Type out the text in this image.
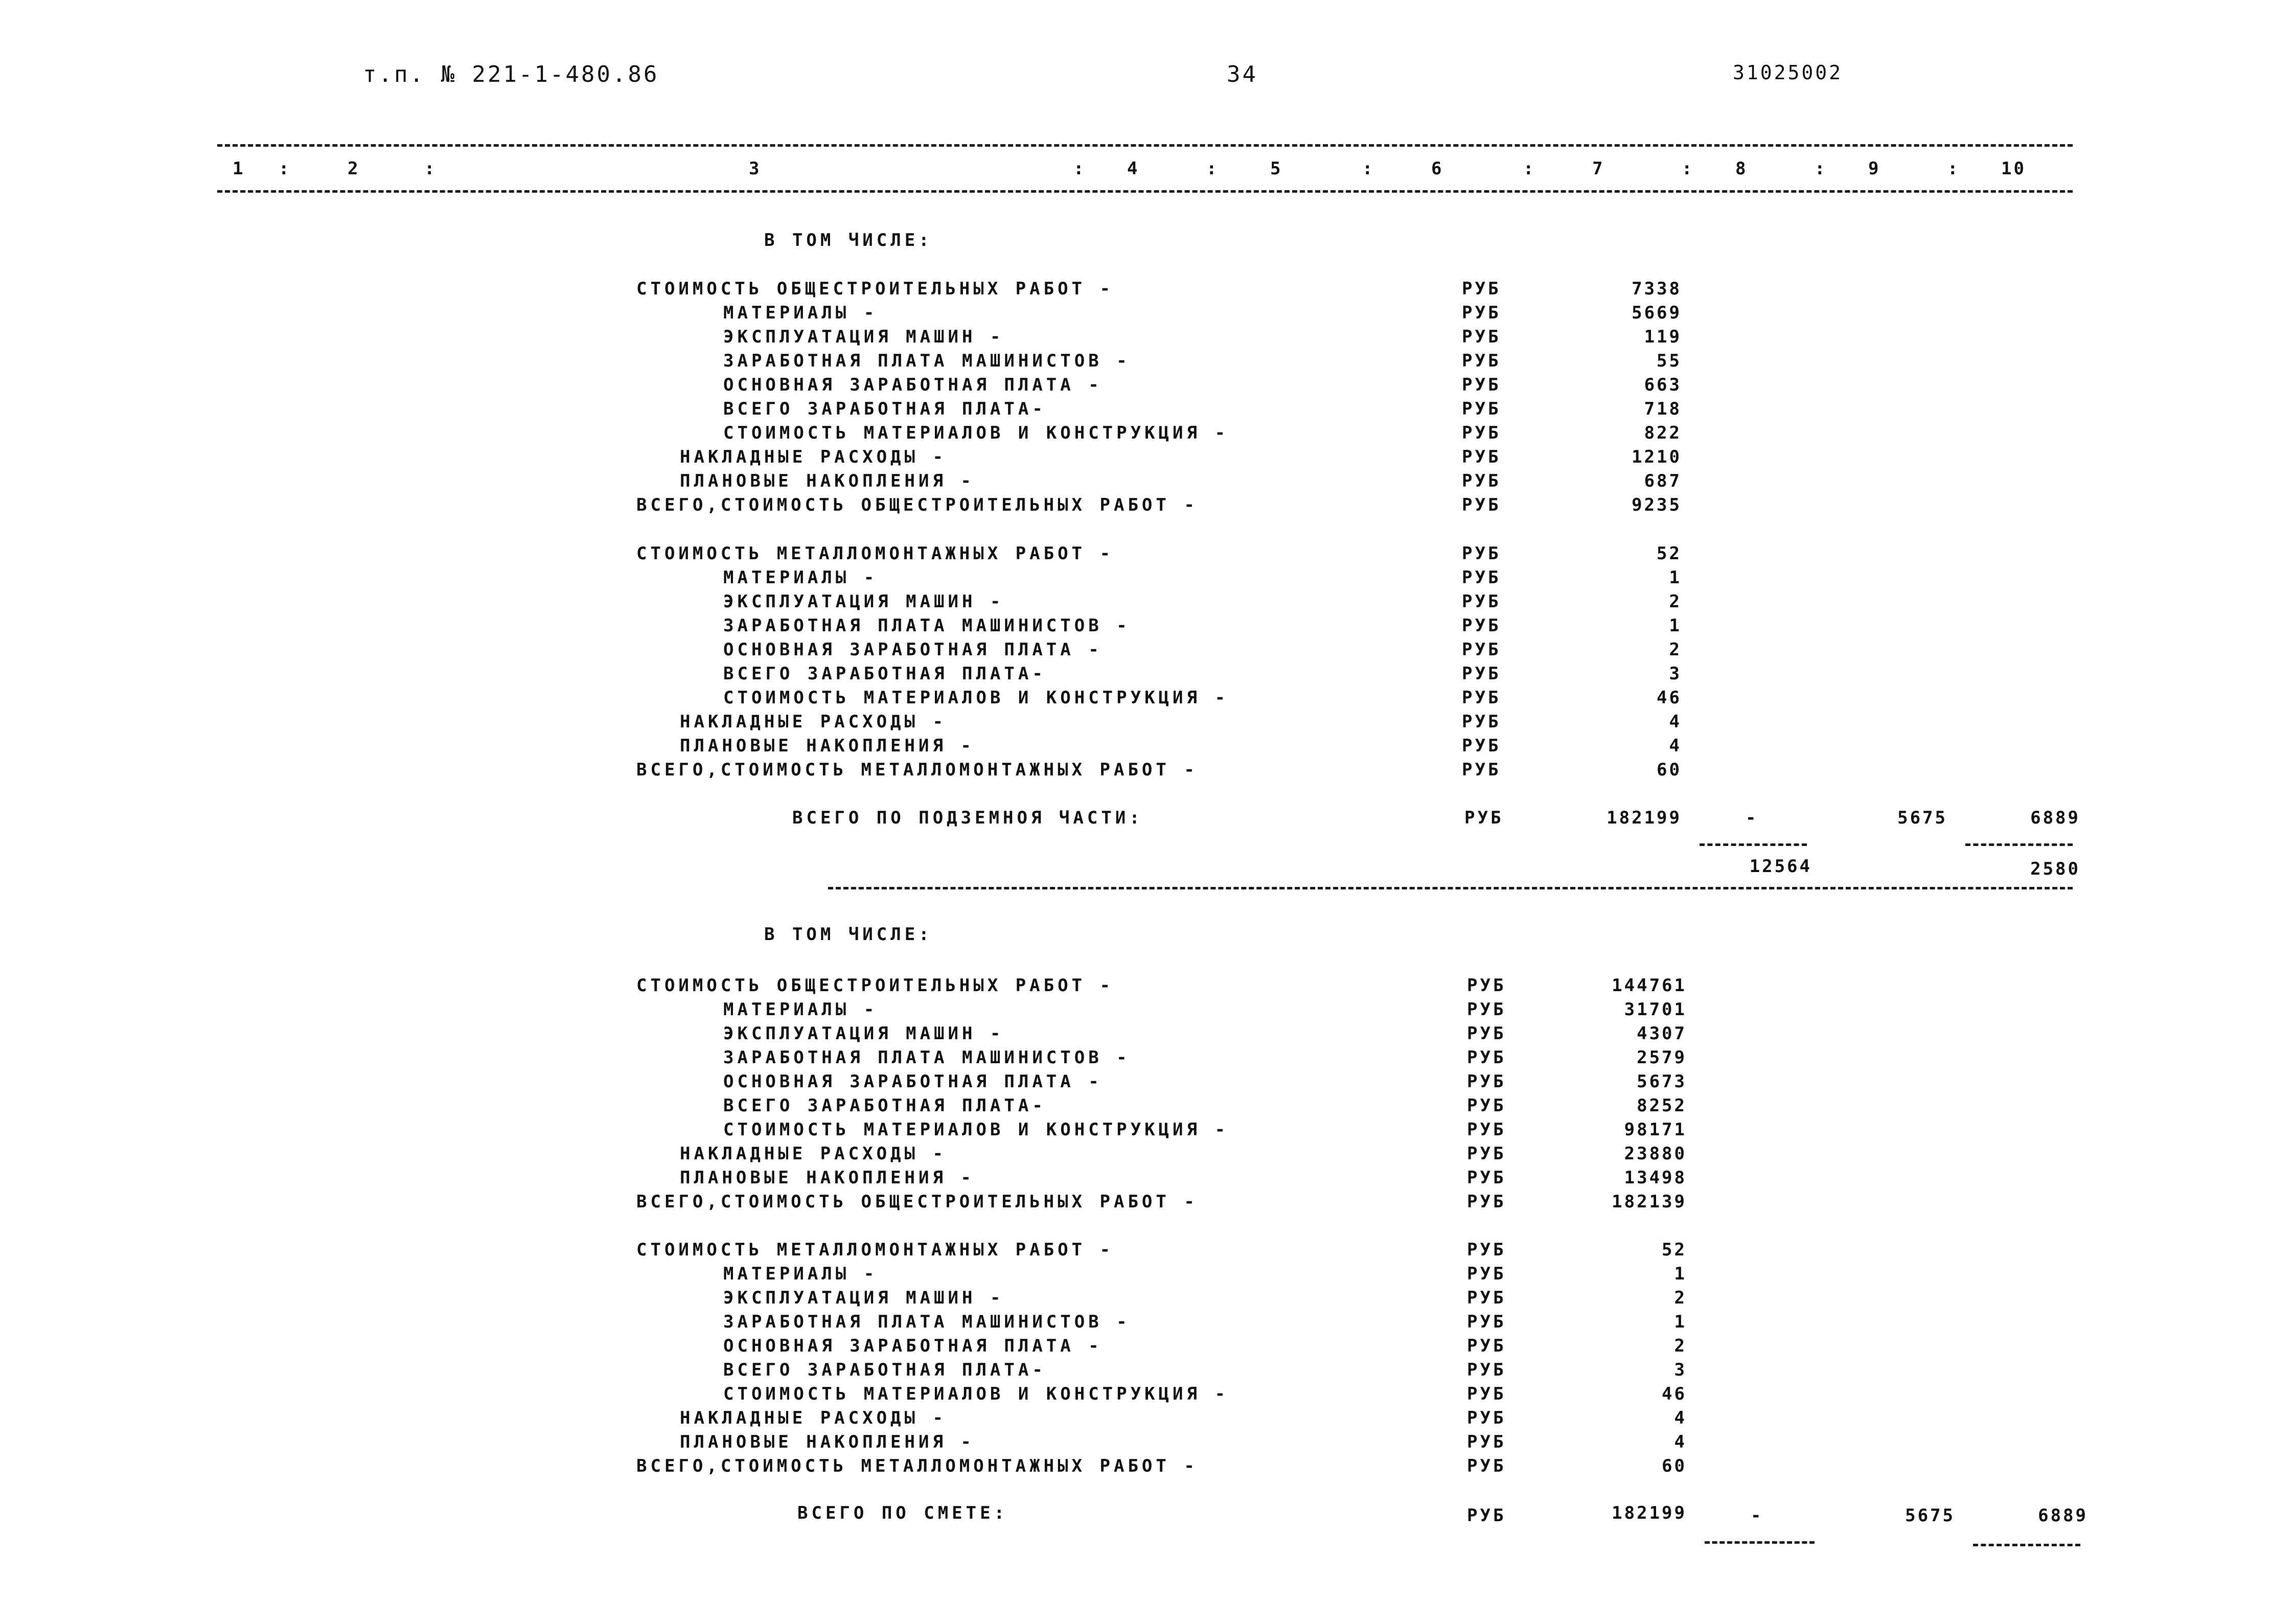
т.п. № 221-1-480.86	34	31025002
1	2	3	4	5	6	7	8	9	10
:	:	:	:	:	:	:	:	:
В ТОМ ЧИСЛЕ:
СТОИМОСТЬ ОБЩЕСТРОИТЕЛЬНЫХ РАБОТ -	РУБ	7338
МАТЕРИАЛЫ -	РУБ	5669
ЭКСПЛУАТАЦИЯ МАШИН -	РУБ	119
ЗАРАБОТНАЯ ПЛАТА МАШИНИСТОВ -	РУБ	55
ОСНОВНАЯ ЗАРАБОТНАЯ ПЛАТА -	РУБ	663
ВСЕГО ЗАРАБОТНАЯ ПЛАТА-	РУБ	718
СТОИМОСТЬ МАТЕРИАЛОВ И КОНСТРУКЦИЯ -	РУБ	822
НАКЛАДНЫЕ РАСХОДЫ -	РУБ	1210
ПЛАНОВЫЕ НАКОПЛЕНИЯ -	РУБ	687
ВСЕГО,СТОИМОСТЬ ОБЩЕСТРОИТЕЛЬНЫХ РАБОТ -	РУБ	9235
СТОИМОСТЬ МЕТАЛЛОМОНТАЖНЫХ РАБОТ -	РУБ	52
МАТЕРИАЛЫ -	РУБ	1
ЭКСПЛУАТАЦИЯ МАШИН -	РУБ	2
ЗАРАБОТНАЯ ПЛАТА МАШИНИСТОВ -	РУБ	1
ОСНОВНАЯ ЗАРАБОТНАЯ ПЛАТА -	РУБ	2
ВСЕГО ЗАРАБОТНАЯ ПЛАТА-	РУБ	3
СТОИМОСТЬ МАТЕРИАЛОВ И КОНСТРУКЦИЯ -	РУБ	46
НАКЛАДНЫЕ РАСХОДЫ -	РУБ	4
ПЛАНОВЫЕ НАКОПЛЕНИЯ -	РУБ	4
ВСЕГО,СТОИМОСТЬ МЕТАЛЛОМОНТАЖНЫХ РАБОТ -	РУБ	60
ВСЕГО ПО ПОДЗЕМНОЯ ЧАСТИ:	РУБ	182199	-	5675	6889
12564	2580
В ТОМ ЧИСЛЕ:
СТОИМОСТЬ ОБЩЕСТРОИТЕЛЬНЫХ РАБОТ -	РУБ	144761
МАТЕРИАЛЫ -	РУБ	31701
ЭКСПЛУАТАЦИЯ МАШИН -	РУБ	4307
ЗАРАБОТНАЯ ПЛАТА МАШИНИСТОВ -	РУБ	2579
ОСНОВНАЯ ЗАРАБОТНАЯ ПЛАТА -	РУБ	5673
ВСЕГО ЗАРАБОТНАЯ ПЛАТА-	РУБ	8252
СТОИМОСТЬ МАТЕРИАЛОВ И КОНСТРУКЦИЯ -	РУБ	98171
НАКЛАДНЫЕ РАСХОДЫ -	РУБ	23880
ПЛАНОВЫЕ НАКОПЛЕНИЯ -	РУБ	13498
ВСЕГО,СТОИМОСТЬ ОБЩЕСТРОИТЕЛЬНЫХ РАБОТ -	РУБ	182139
СТОИМОСТЬ МЕТАЛЛОМОНТАЖНЫХ РАБОТ -	РУБ	52
МАТЕРИАЛЫ -	РУБ	1
ЭКСПЛУАТАЦИЯ МАШИН -	РУБ	2
ЗАРАБОТНАЯ ПЛАТА МАШИНИСТОВ -	РУБ	1
ОСНОВНАЯ ЗАРАБОТНАЯ ПЛАТА -	РУБ	2
ВСЕГО ЗАРАБОТНАЯ ПЛАТА-	РУБ	3
СТОИМОСТЬ МАТЕРИАЛОВ И КОНСТРУКЦИЯ -	РУБ	46
НАКЛАДНЫЕ РАСХОДЫ -	РУБ	4
ПЛАНОВЫЕ НАКОПЛЕНИЯ -	РУБ	4
ВСЕГО,СТОИМОСТЬ МЕТАЛЛОМОНТАЖНЫХ РАБОТ -	РУБ	60
ВСЕГО ПО СМЕТЕ:	РУБ	182199	-	5675	6889
